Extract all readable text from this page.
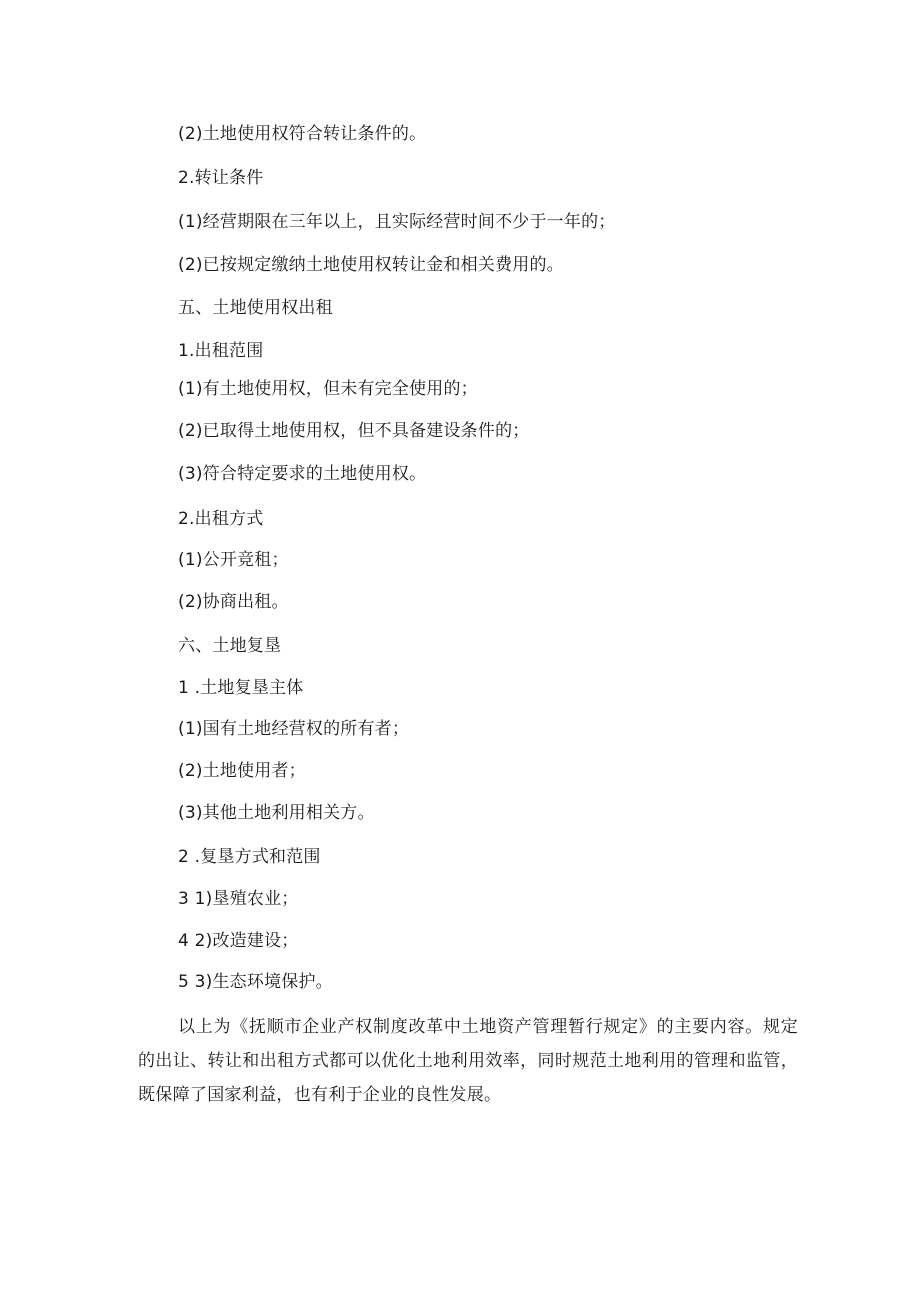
(2)土地使用权符合转让条件的。
2.转让条件
(1)经营期限在三年以上，且实际经营时间不少于一年的；
(2)已按规定缴纳土地使用权转让金和相关费用的。
五、土地使用权出租
1.出租范围
(1)有土地使用权，但未有完全使用的；
(2)已取得土地使用权，但不具备建设条件的；
(3)符合特定要求的土地使用权。
2.出租方式
(1)公开竞租；
(2)协商出租。
六、土地复垦
1 .土地复垦主体
(1)国有土地经营权的所有者；
(2)土地使用者；
(3)其他土地利用相关方。
2 .复垦方式和范围
3 1)垦殖农业；
4 2)改造建设；
5 3)生态环境保护。
以上为《抚顺市企业产权制度改革中土地资产管理暂行规定》的主要内容。规定的出让、转让和出租方式都可以优化土地利用效率，同时规范土地利用的管理和监管，既保障了国家利益，也有利于企业的良性发展。
